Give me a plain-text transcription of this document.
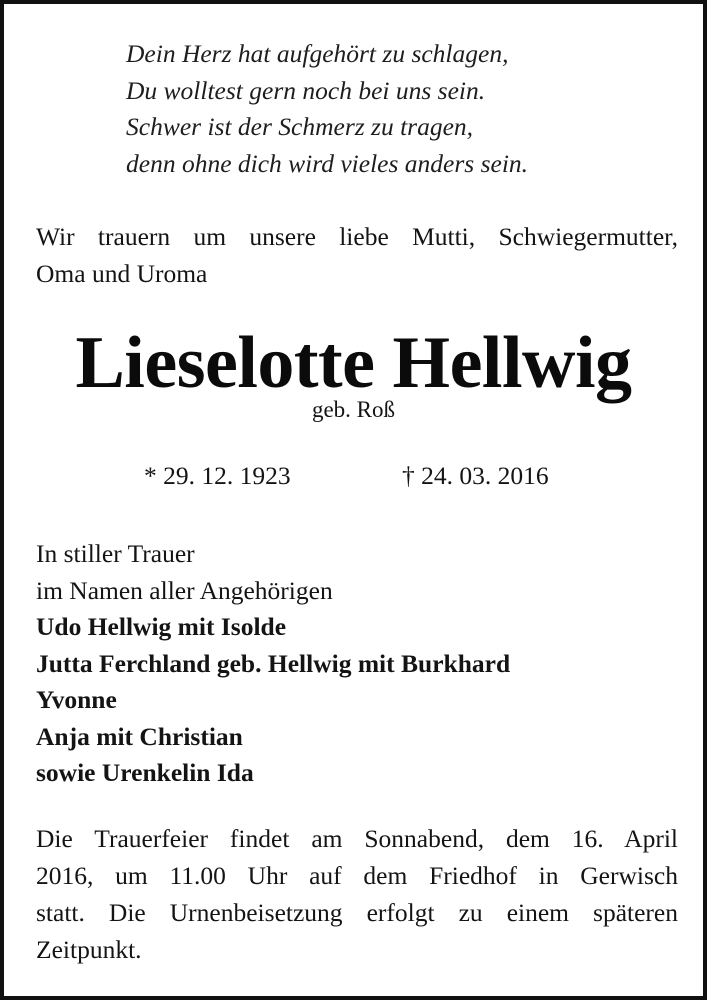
Dein Herz hat aufgehört zu schlagen,
Du wolltest gern noch bei uns sein.
Schwer ist der Schmerz zu tragen,
denn ohne dich wird vieles anders sein.
Wir trauern um unsere liebe Mutti, Schwiegermutter,
Oma und Uroma
Lieselotte Hellwig
geb. Roß
* 29. 12. 1923	† 24. 03. 2016
In stiller Trauer
im Namen aller Angehörigen
Udo Hellwig mit Isolde
Jutta Ferchland geb. Hellwig mit Burkhard
Yvonne
Anja mit Christian
sowie Urenkelin Ida
Die Trauerfeier findet am Sonnabend, dem 16. April
2016, um 11.00 Uhr auf dem Friedhof in Gerwisch
statt. Die Urnenbeisetzung erfolgt zu einem späteren
Zeitpunkt.
